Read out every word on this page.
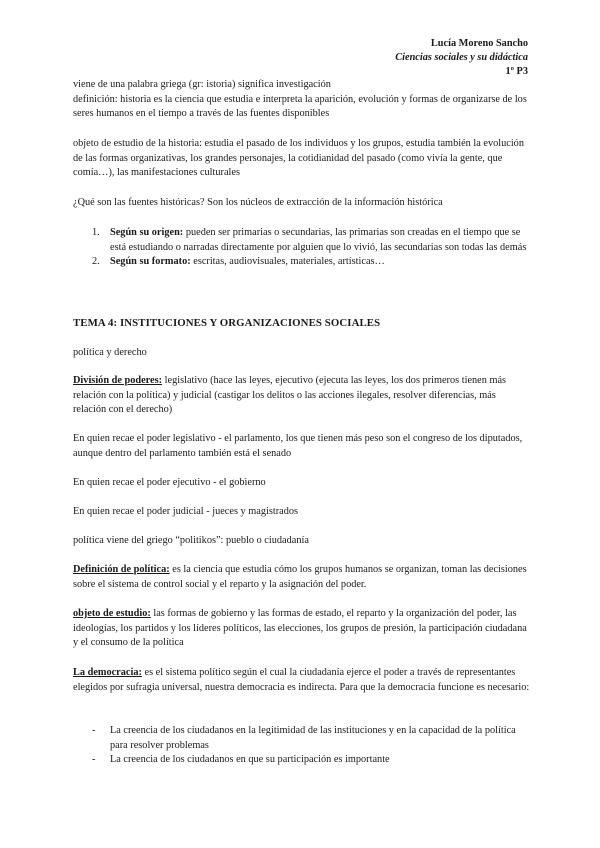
Lucía Moreno Sancho
Ciencias sociales y su didáctica
1º P3

viene de una palabra griega (gr: istoria) significa investigación

definición: historia es la ciencia que estudia e interpreta la aparición, evolución y formas de organizarse de los seres humanos en el tiempo a través de las fuentes disponibles

objeto de estudio de la historia: estudia el pasado de los individuos y los grupos, estudia también la evolución de las formas organizativas, los grandes personajes, la cotidianidad del pasado (como vivía la gente, que comía…), las manifestaciones culturales

¿Qué son las fuentes históricas? Son los núcleos de extracción de la información histórica

1. Según su origen: pueden ser primarias o secundarias, las primarias son creadas en el tiempo que se está estudiando o narradas directamente por alguien que lo vivió, las secundarias son todas las demás
2. Según su formato: escritas, audiovisuales, materiales, artísticas…

TEMA 4: INSTITUCIONES Y ORGANIZACIONES SOCIALES

política y derecho

División de poderes: legislativo (hace las leyes, ejecutivo (ejecuta las leyes, los dos primeros tienen más relación con la política) y judicial (castigar los delitos o las acciones ilegales, resolver diferencias, más relación con el derecho)

En quien recae el poder legislativo - el parlamento, los que tienen más peso son el congreso de los diputados, aunque dentro del parlamento también está el senado

En quien recae el poder ejecutivo - el gobierno

En quien recae el poder judicial - jueces y magistrados

política viene del griego “politikos”: pueblo o ciudadanía

Definición de política: es la ciencia que estudia cómo los grupos humanos se organizan, toman las decisiones sobre el sistema de control social y el reparto y la asignación del poder.

objeto de estudio: las formas de gobierno y las formas de estado, el reparto y la organización del poder, las ideologías, los partidos y los líderes políticos, las elecciones, los grupos de presión, la participación ciudadana y el consumo de la política

La democracia: es el sistema político según el cual la ciudadanía ejerce el poder a través de representantes elegidos por sufragia universal, nuestra democracia es indirecta. Para que la democracia funcione es necesario:

- La creencia de los ciudadanos en la legitimidad de las instituciones y en la capacidad de la política para resolver problemas
- La creencia de los ciudadanos en que su participación es importante
